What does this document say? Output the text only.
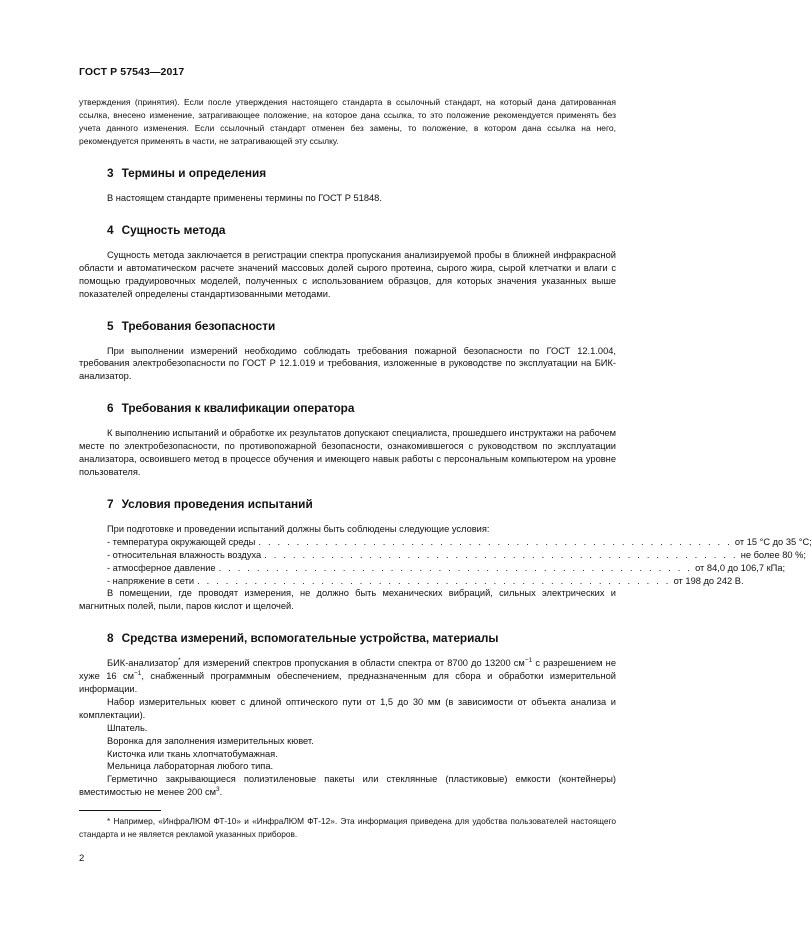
ГОСТ Р 57543—2017

утверждения (принятия). Если после утверждения настоящего стандарта в ссылочный стандарт, на который дана датированная ссылка, внесено изменение, затрагивающее положение, на которое дана ссылка, то это положение рекомендуется применять без учета данного изменения. Если ссылочный стандарт отменен без замены, то положение, в котором дана ссылка на него, рекомендуется применять в части, не затрагивающей эту ссылку.

3 Термины и определения

В настоящем стандарте применены термины по ГОСТ Р 51848.

4 Сущность метода

Сущность метода заключается в регистрации спектра пропускания анализируемой пробы в ближней инфракрасной области и автоматическом расчете значений массовых долей сырого протеина, сырого жира, сырой клетчатки и влаги с помощью градуировочных моделей, полученных с использованием образцов, для которых значения указанных выше показателей определены стандартизованными методами.

5 Требования безопасности

При выполнении измерений необходимо соблюдать требования пожарной безопасности по ГОСТ 12.1.004, требования электробезопасности по ГОСТ Р 12.1.019 и требования, изложенные в руководстве по эксплуатации на БИК-анализатор.

6 Требования к квалификации оператора

К выполнению испытаний и обработке их результатов допускают специалиста, прошедшего инструктажи на рабочем месте по электробезопасности, по противопожарной безопасности, ознакомившегося с руководством по эксплуатации анализатора, освоившего метод в процессе обучения и имеющего навык работы с персональным компьютером на уровне пользователя.

7 Условия проведения испытаний

При подготовке и проведении испытаний должны быть соблюдены следующие условия:

- температура окружающей среды . . . . . . . . . . . . . . . . . . . . . . . . . . . . . . . . . . . . . . . . . . . . . . . . . . от 15 °С до 35 °С;
- относительная влажность воздуха . . . . . . . . . . . . . . . . . . . . . . . . . . . . . . . . . . . . . . . . . . . . . . . . . . не более 80 %;
- атмосферное давление . . . . . . . . . . . . . . . . . . . . . . . . . . . . . . . . . . . . . . . . . . . . . . . . . . от 84,0 до 106,7 кПа;
- напряжение в сети . . . . . . . . . . . . . . . . . . . . . . . . . . . . . . . . . . . . . . . . . . . . . . . . . . от 198 до 242 В.

В помещении, где проводят измерения, не должно быть механических вибраций, сильных электрических и магнитных полей, пыли, паров кислот и щелочей.

8 Средства измерений, вспомогательные устройства, материалы

БИК-анализатор* для измерений спектров пропускания в области спектра от 8700 до 13200 $см^{-1}$ с разрешением не хуже 16 $см^{-1}$, снабженный программным обеспечением, предназначенным для сбора и обработки измерительной информации.

Набор измерительных кювет с длиной оптического пути от 1,5 до 30 мм (в зависимости от объекта анализа и комплектации).

Шпатель.

Воронка для заполнения измерительных кювет.

Кисточка или ткань хлопчатобумажная.

Мельница лабораторная любого типа.

Герметично закрывающиеся полиэтиленовые пакеты или стеклянные (пластиковые) емкости (контейнеры) вместимостью не менее 200 $см^3$.

* Например, «ИнфраЛЮМ ФТ-10» и «ИнфраЛЮМ ФТ-12». Эта информация приведена для удобства пользователей настоящего стандарта и не является рекламой указанных приборов.
2
